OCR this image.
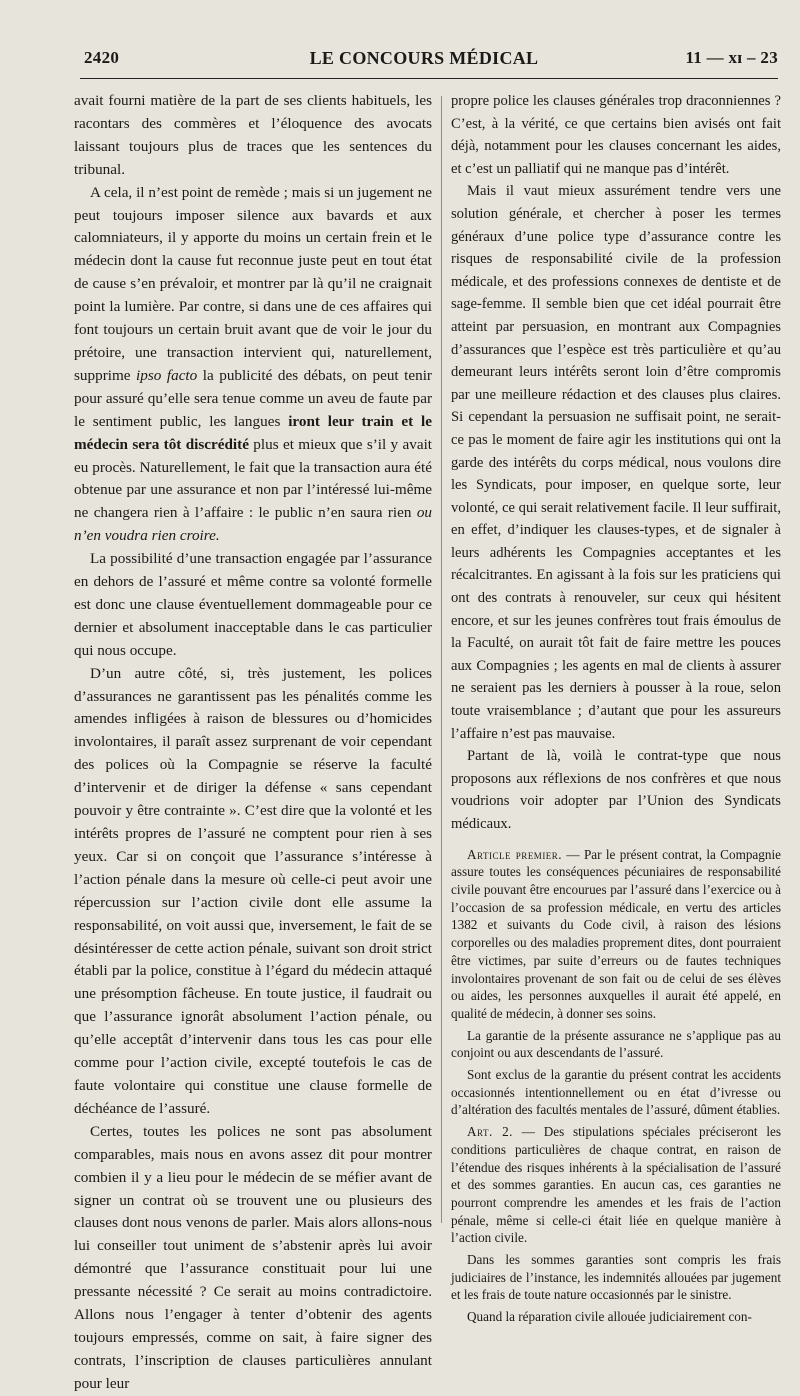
2420	LE CONCOURS MÉDICAL	11 — xɪ – 23

avait fourni matière de la part de ses clients habituels, les racontars des commères et l’éloquence des avocats laissant toujours plus de traces que les sentences du tribunal.

A cela, il n’est point de remède ; mais si un jugement ne peut toujours imposer silence aux bavards et aux calomniateurs, il y apporte du moins un certain frein et le médecin dont la cause fut reconnue juste peut en tout état de cause s’en prévaloir, et montrer par là qu’il ne craignait point la lumière. Par contre, si dans une de ces affaires qui font toujours un certain bruit avant que de voir le jour du prétoire, une transaction intervient qui, naturellement, supprime ipso facto la publicité des débats, on peut tenir pour assuré qu’elle sera tenue comme un aveu de faute par le sentiment public, les langues iront leur train et le médecin sera tôt discrédité plus et mieux que s’il y avait eu procès. Naturellement, le fait que la transaction aura été obtenue par une assurance et non par l’intéressé lui-même ne changera rien à l’affaire : le public n’en saura rien ou n’en voudra rien croire.

La possibilité d’une transaction engagée par l’assurance en dehors de l’assuré et même contre sa volonté formelle est donc une clause éventuellement dommageable pour ce dernier et absolument inacceptable dans le cas particulier qui nous occupe.

D’un autre côté, si, très justement, les polices d’assurances ne garantissent pas les pénalités comme les amendes infligées à raison de blessures ou d’homicides involontaires, il paraît assez surprenant de voir cependant des polices où la Compagnie se réserve la faculté d’intervenir et de diriger la défense « sans cependant pouvoir y être contrainte ». C’est dire que la volonté et les intérêts propres de l’assuré ne comptent pour rien à ses yeux. Car si on conçoit que l’assurance s’intéresse à l’action pénale dans la mesure où celle-ci peut avoir une répercussion sur l’action civile dont elle assume la responsabilité, on voit aussi que, inversement, le fait de se désintéresser de cette action pénale, suivant son droit strict établi par la police, constitue à l’égard du médecin attaqué une présomption fâcheuse. En toute justice, il faudrait ou que l’assurance ignorât absolument l’action pénale, ou qu’elle acceptât d’intervenir dans tous les cas pour elle comme pour l’action civile, excepté toutefois le cas de faute volontaire qui constitue une clause formelle de déchéance de l’assuré.

Certes, toutes les polices ne sont pas absolument comparables, mais nous en avons assez dit pour montrer combien il y a lieu pour le médecin de se méfier avant de signer un contrat où se trouvent une ou plusieurs des clauses dont nous venons de parler. Mais alors allons-nous lui conseiller tout uniment de s’abstenir après lui avoir démontré que l’assurance constituait pour lui une pressante nécessité ? Ce serait au moins contradictoire. Allons nous l’engager à tenter d’obtenir des agents toujours empressés, comme on sait, à faire signer des contrats, l’inscription de clauses particulières annulant pour leur

propre police les clauses générales trop draconniennes ? C’est, à la vérité, ce que certains bien avisés ont fait déjà, notamment pour les clauses concernant les aides, et c’est un palliatif qui ne manque pas d’intérêt.

Mais il vaut mieux assurément tendre vers une solution générale, et chercher à poser les termes généraux d’une police type d’assurance contre les risques de responsabilité civile de la profession médicale, et des professions connexes de dentiste et de sage-femme. Il semble bien que cet idéal pourrait être atteint par persuasion, en montrant aux Compagnies d’assurances que l’espèce est très particulière et qu’au demeurant leurs intérêts seront loin d’être compromis par une meilleure rédaction et des clauses plus claires. Si cependant la persuasion ne suffisait point, ne serait-ce pas le moment de faire agir les institutions qui ont la garde des intérêts du corps médical, nous voulons dire les Syndicats, pour imposer, en quelque sorte, leur volonté, ce qui serait relativement facile. Il leur suffirait, en effet, d’indiquer les clauses-types, et de signaler à leurs adhérents les Compagnies acceptantes et les récalcitrantes. En agissant à la fois sur les praticiens qui ont des contrats à renouveler, sur ceux qui hésitent encore, et sur les jeunes confrères tout frais émoulus de la Faculté, on aurait tôt fait de faire mettre les pouces aux Compagnies ; les agents en mal de clients à assurer ne seraient pas les derniers à pousser à la roue, selon toute vraisemblance ; d’autant que pour les assureurs l’affaire n’est pas mauvaise.

Partant de là, voilà le contrat-type que nous proposons aux réflexions de nos confrères et que nous voudrions voir adopter par l’Union des Syndicats médicaux.

Article premier. — Par le présent contrat, la Compagnie assure toutes les conséquences pécuniaires de responsabilité civile pouvant être encourues par l’assuré dans l’exercice ou à l’occasion de sa profession médicale, en vertu des articles 1382 et suivants du Code civil, à raison des lésions corporelles ou des maladies proprement dites, dont pourraient être victimes, par suite d’erreurs ou de fautes techniques involontaires provenant de son fait ou de celui de ses élèves ou aides, les personnes auxquelles il aurait été appelé, en qualité de médecin, à donner ses soins.

La garantie de la présente assurance ne s’applique pas au conjoint ou aux descendants de l’assuré.

Sont exclus de la garantie du présent contrat les accidents occasionnés intentionnellement ou en état d’ivresse ou d’altération des facultés mentales de l’assuré, dûment établies.

Art. 2. — Des stipulations spéciales préciseront les conditions particulières de chaque contrat, en raison de l’étendue des risques inhérents à la spécialisation de l’assuré et des sommes garanties. En aucun cas, ces garanties ne pourront comprendre les amendes et les frais de l’action pénale, même si celle-ci était liée en quelque manière à l’action civile.

Dans les sommes garanties sont compris les frais judiciaires de l’instance, les indemnités allouées par jugement et les frais de toute nature occasionnés par le sinistre.

Quand la réparation civile allouée judiciairement con-
